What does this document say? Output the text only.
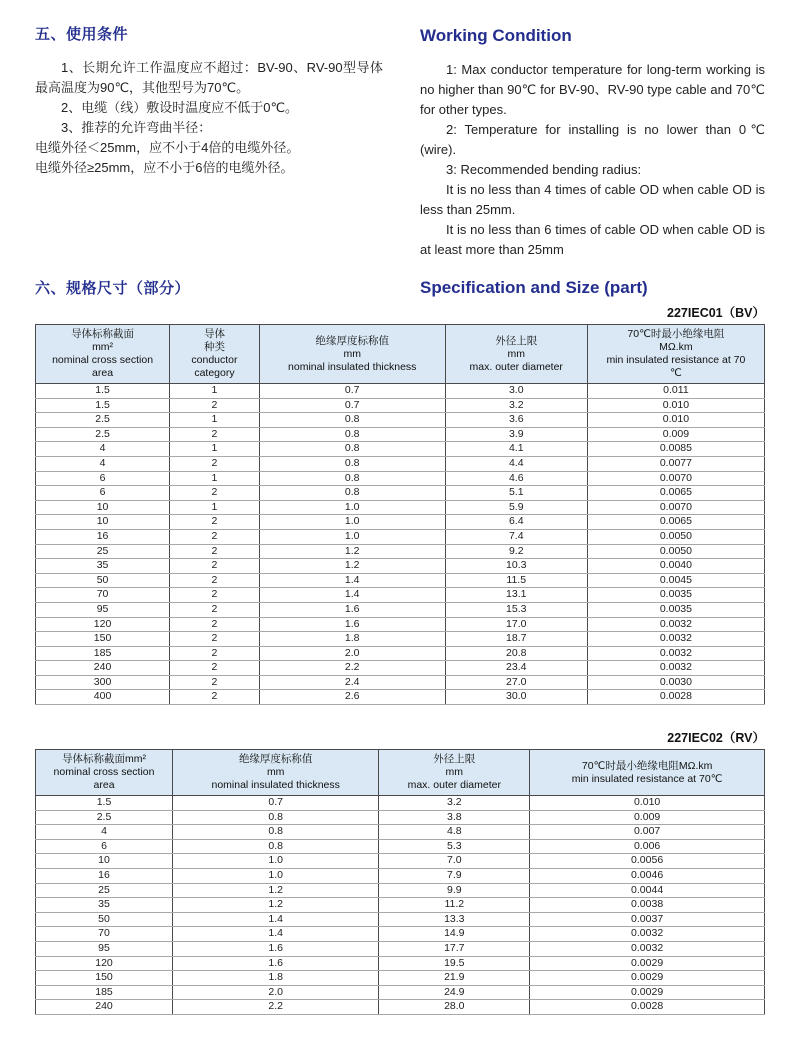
五、使用条件

1、长期允许工作温度应不超过：BV-90、RV-90型导体最高温度为90℃，其他型号为70℃。

2、电缆（线）敷设时温度应不低于0℃。

3、推荐的允许弯曲半径：

电缆外径＜25mm，应不小于4倍的电缆外径。

电缆外径≥25mm，应不小于6倍的电缆外径。

Working Condition

1: Max conductor temperature for long-term working is no higher than 90℃ for BV-90、RV-90 type cable and 70℃ for other types.

2: Temperature for installing is no lower than 0℃ (wire).

3: Recommended bending radius:

It is no less than 4 times of cable OD when cable OD is less than 25mm.

It is no less than 6 times of cable OD when cable OD is at least more than 25mm

六、规格尺寸（部分）	Specification and Size (part)
227IEC01（BV）
导体标称截面
mm²
nominal cross section
area	导体
种类
conductor
category	绝缘厚度标称值
mm
nominal insulated thickness	外径上限
mm
max. outer diameter	70℃时最小绝缘电阻
MΩ.km
min insulated resistance at 70
℃
1.5	1	0.7	3.0	0.011
1.5	2	0.7	3.2	0.010
2.5	1	0.8	3.6	0.010
2.5	2	0.8	3.9	0.009
4	1	0.8	4.1	0.0085
4	2	0.8	4.4	0.0077
6	1	0.8	4.6	0.0070
6	2	0.8	5.1	0.0065
10	1	1.0	5.9	0.0070
10	2	1.0	6.4	0.0065
16	2	1.0	7.4	0.0050
25	2	1.2	9.2	0.0050
35	2	1.2	10.3	0.0040
50	2	1.4	11.5	0.0045
70	2	1.4	13.1	0.0035
95	2	1.6	15.3	0.0035
120	2	1.6	17.0	0.0032
150	2	1.8	18.7	0.0032
185	2	2.0	20.8	0.0032
240	2	2.2	23.4	0.0032
300	2	2.4	27.0	0.0030
400	2	2.6	30.0	0.0028
227IEC02（RV）
导体标称截面mm²
nominal cross section
area	绝缘厚度标称值
mm
nominal insulated thickness	外径上限
mm
max. outer diameter	70℃时最小绝缘电阻MΩ.km
min insulated resistance at 70℃
1.5	0.7	3.2	0.010
2.5	0.8	3.8	0.009
4	0.8	4.8	0.007
6	0.8	5.3	0.006
10	1.0	7.0	0.0056
16	1.0	7.9	0.0046
25	1.2	9.9	0.0044
35	1.2	11.2	0.0038
50	1.4	13.3	0.0037
70	1.4	14.9	0.0032
95	1.6	17.7	0.0032
120	1.6	19.5	0.0029
150	1.8	21.9	0.0029
185	2.0	24.9	0.0029
240	2.2	28.0	0.0028
